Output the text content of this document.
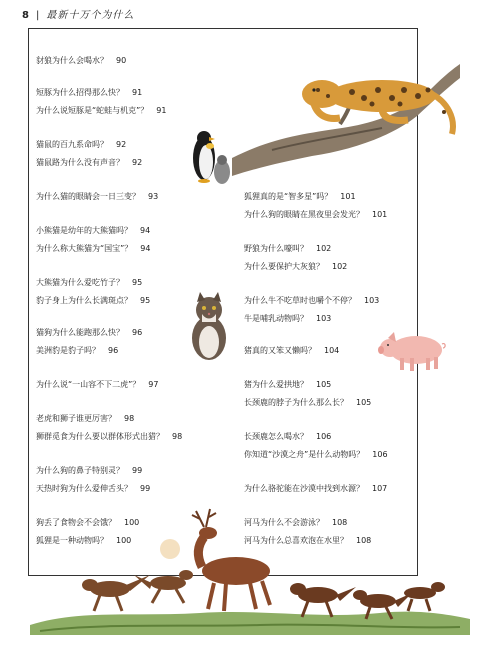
8 | 最新十万个为什么
豺狼为什么会喝水？ 90
短豚为什么招得那么快？ 91
为什么说短豚是“蛇蛙与机克”？ 91
猫鼠的百九系命吗？ 92
猫鼠路为什么没有声音？ 92
为什么猫的眼睛会一日三变？ 93
小熊猫是幼年的大熊猫吗？ 94
为什么称大熊猫为“国宝”？ 94
大熊猫为什么爱吃竹子？ 95
豹子身上为什么长满斑点？ 95
猫狗为什么能跑那么快？ 96
美洲豹是豹子吗？ 96
为什么说“一山容不下二虎”？ 97
老虎和狮子谁更厉害？ 98
狮群觅食为什么要以群体形式出猎？ 98
为什么狗的鼻子特别灵？ 99
天热时狗为什么爱伸舌头？ 99
狗丢了食物会不会饿？ 100
狐狸是一种动物吗？ 100
狐狸真的是“智多星”吗？ 101
为什么狗的眼睛在黑夜里会发光？ 101
野狼为什么嚎叫？ 102
为什么要保护大灰狼？ 102
为什么牛不吃草时也嚼个不停？ 103
牛是哺乳动物吗？ 103
猪真的又笨又懒吗？ 104
猪为什么爱拱地？ 105
长颈鹿的脖子为什么那么长？ 105
长颈鹿怎么喝水？ 106
你知道“沙漠之舟”是什么动物吗？ 106
为什么骆驼能在沙漠中找到水源？ 107
河马为什么不会游泳？ 108
河马为什么总喜欢泡在水里？ 108
